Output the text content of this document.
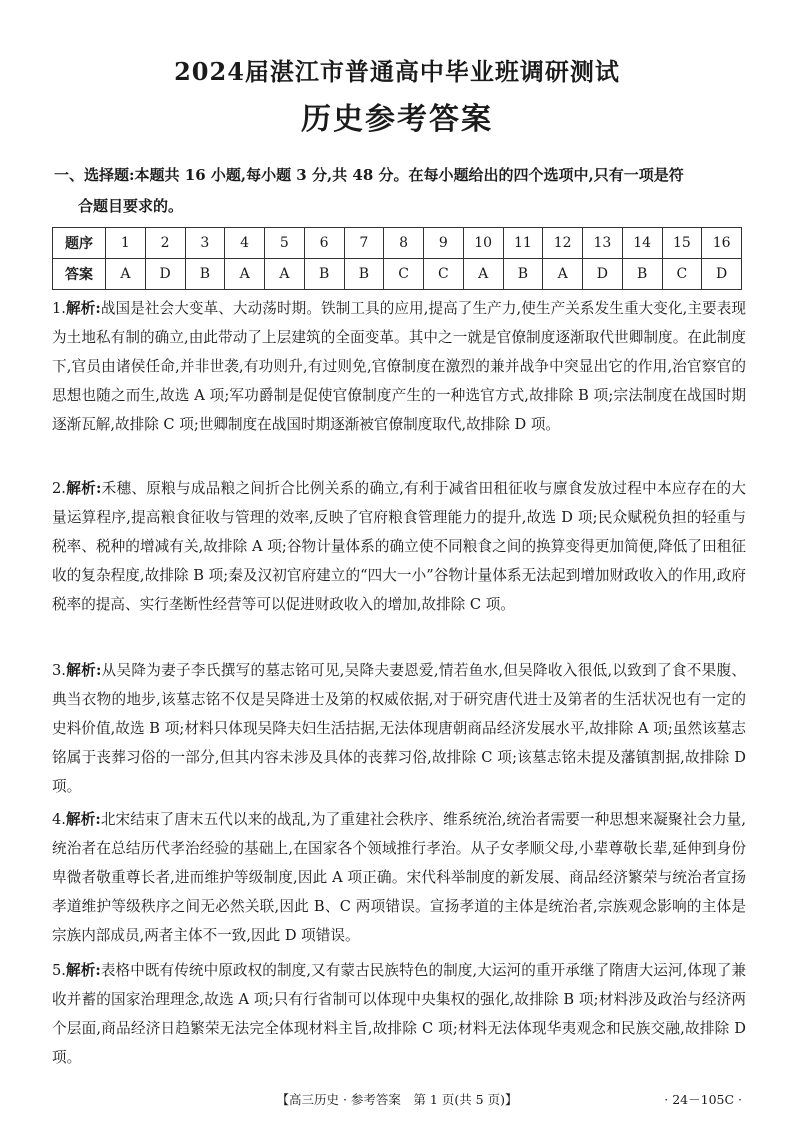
2024届湛江市普通高中毕业班调研测试
历史参考答案
一、选择题:本题共 16 小题,每小题 3 分,共 48 分。在每小题给出的四个选项中,只有一项是符
合题目要求的。
题序	1	2	3	4	5	6	7	8	9	10	11	12	13	14	15	16
答案	A	D	B	A	A	B	B	C	C	A	B	A	D	B	C	D
1.解析:战国是社会大变革、大动荡时期。铁制工具的应用,提高了生产力,使生产关系发生重大变化,主要表现为土地私有制的确立,由此带动了上层建筑的全面变革。其中之一就是官僚制度逐渐取代世卿制度。在此制度下,官员由诸侯任命,并非世袭,有功则升,有过则免,官僚制度在激烈的兼并战争中突显出它的作用,治官察官的思想也随之而生,故选 A 项;军功爵制是促使官僚制度产生的一种选官方式,故排除 B 项;宗法制度在战国时期逐渐瓦解,故排除 C 项;世卿制度在战国时期逐渐被官僚制度取代,故排除 D 项。
2.解析:禾穗、原粮与成品粮之间折合比例关系的确立,有利于减省田租征收与廪食发放过程中本应存在的大量运算程序,提高粮食征收与管理的效率,反映了官府粮食管理能力的提升,故选 D 项;民众赋税负担的轻重与税率、税种的增减有关,故排除 A 项;谷物计量体系的确立使不同粮食之间的换算变得更加简便,降低了田租征收的复杂程度,故排除 B 项;秦及汉初官府建立的“四大一小”谷物计量体系无法起到增加财政收入的作用,政府税率的提高、实行垄断性经营等可以促进财政收入的增加,故排除 C 项。
3.解析:从吴降为妻子李氏撰写的墓志铭可见,吴降夫妻恩爱,情若鱼水,但吴降收入很低,以致到了食不果腹、典当衣物的地步,该墓志铭不仅是吴降进士及第的权威依据,对于研究唐代进士及第者的生活状况也有一定的史料价值,故选 B 项;材料只体现吴降夫妇生活拮据,无法体现唐朝商品经济发展水平,故排除 A 项;虽然该墓志铭属于丧葬习俗的一部分,但其内容未涉及具体的丧葬习俗,故排除 C 项;该墓志铭未提及藩镇割据,故排除 D 项。
4.解析:北宋结束了唐末五代以来的战乱,为了重建社会秩序、维系统治,统治者需要一种思想来凝聚社会力量,统治者在总结历代孝治经验的基础上,在国家各个领域推行孝治。从子女孝顺父母,小辈尊敬长辈,延伸到身份卑微者敬重尊长者,进而维护等级制度,因此 A 项正确。宋代科举制度的新发展、商品经济繁荣与统治者宣扬孝道维护等级秩序之间无必然关联,因此 B、C 两项错误。宣扬孝道的主体是统治者,宗族观念影响的主体是宗族内部成员,两者主体不一致,因此 D 项错误。
5.解析:表格中既有传统中原政权的制度,又有蒙古民族特色的制度,大运河的重开承继了隋唐大运河,体现了兼收并蓄的国家治理理念,故选 A 项;只有行省制可以体现中央集权的强化,故排除 B 项;材料涉及政治与经济两个层面,商品经济日趋繁荣无法完全体现材料主旨,故排除 C 项;材料无法体现华夷观念和民族交融,故排除 D 项。
【高三历史 · 参考答案　第 1 页(共 5 页)】	· 24－105C ·
